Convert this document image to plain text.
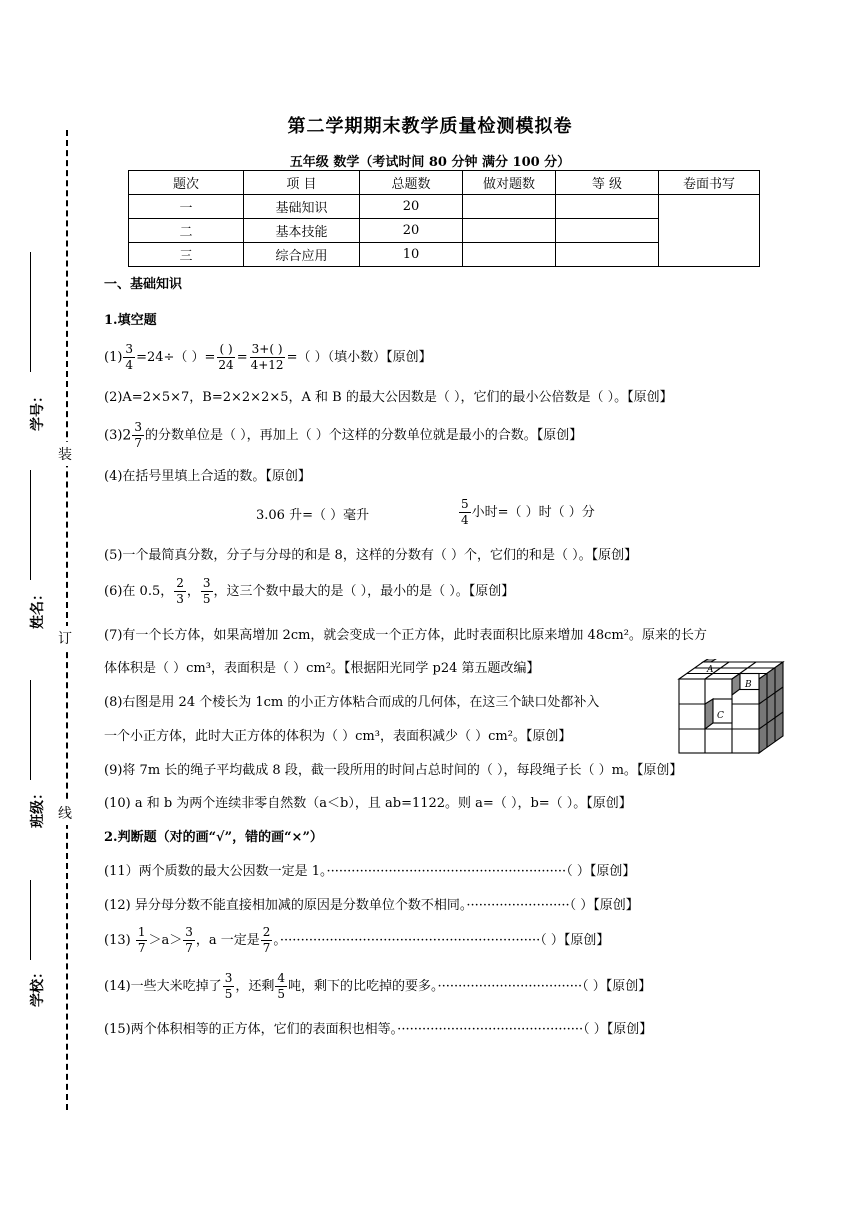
装
订
线
学号：
姓名：
班级：
学校：
第二学期期末教学质量检测模拟卷
五年级 数学（考试时间 80 分钟 满分 100 分）
题次	项 目	总题数	做对题数	等 级	卷面书写
一	基础知识	20			
二	基本技能	20			
三	综合应用	10			
一、基础知识
1.填空题
$(1) \frac{3}{4} =24\div$（ ）= $\frac{( )}{24} = \frac{3+( )}{4+12}$ =（ ）（填小数）【原创】
(2)A=2×5×7，B=2×2×2×5，A 和 B 的最大公因数是（ ），它们的最小公倍数是（ ）。【原创】
$(3)2 \frac{3}{7}$ 的分数单位是（ ），再加上（ ）个这样的分数单位就是最小的合数。【原创】
(4)在括号里填上合适的数。【原创】
3.06 升=（ ）毫升	$\frac{5}{4}$ 小时=（ ）时（ ）分
(5)一个最简真分数，分子与分母的和是 8，这样的分数有（ ）个，它们的和是（ ）。【原创】
(6)在 0.5， $\frac{2}{3}$ ， $\frac{3}{5}$ ，这三个数中最大的是（ ），最小的是（ ）。【原创】
(7)有一个长方体，如果高增加 2cm，就会变成一个正方体，此时表面积比原来增加 48cm²。原来的长方
体体积是（ ）cm³，表面积是（ ）cm²。【根据阳光同学 p24 第五题改编】
(8)右图是用 24 个棱长为 1cm 的小正方体粘合而成的几何体，在这三个缺口处都补入
一个小正方体，此时大正方体的体积为（ ）cm³，表面积减少（ ）cm²。【原创】
(9)将 7m 长的绳子平均截成 8 段，截一段所用的时间占总时间的（ ），每段绳子长（ ）m。【原创】
(10) a 和 b 为两个连续非零自然数（a＜b），且 ab=1122。则 a=（ ），b=（ ）。【原创】
A
B
C
2.判断题（对的画“√”，错的画“×”）
(11）两个质数的最大公因数一定是 1。··························································（ ）【原创】
(12) 异分母分数不能直接相加减的原因是分数单位个数不相同。·························（ ）【原创】
$(13) \frac{1}{7} >a> \frac{3}{7}$ ，a 一定是 $\frac{2}{7}$ 。·······························································（ ）【原创】
(14)一些大米吃掉了 $\frac{3}{5}$ ，还剩 $\frac{4}{5}$ 吨，剩下的比吃掉的要多。···································（ ）【原创】
(15)两个体积相等的正方体，它们的表面积也相等。·············································（ ）【原创】
